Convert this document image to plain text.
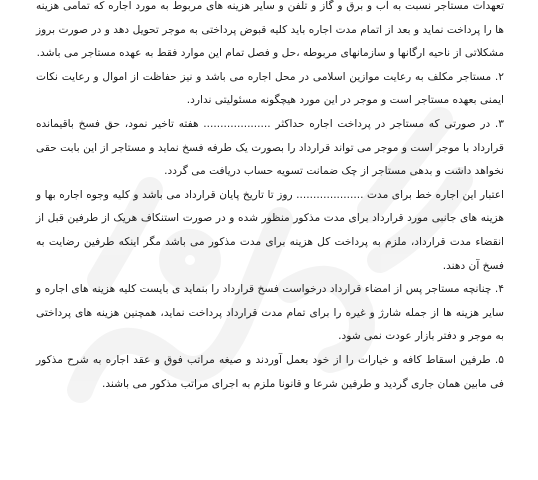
تعهدات مستاجر نسبت به آب و برق و گاز و تلفن و سایر هزینه های مربوط به مورد اجاره که تمامی هزینه ها را پرداخت نماید و بعد از اتمام مدت اجاره باید کلیه قبوض پرداختی به موجر تحویل دهد و در صورت بروز مشکلاتی از ناحیه ارگانها و سازمانهای مربوطه ،حل و فصل تمام این موارد فقط به عهده مستاجر می باشد.

۲. مستاجر مکلف به رعایت موازین اسلامی در محل اجاره می باشد و نیز حفاظت از اموال و رعایت نکات ایمنی بعهده مستاجر است و موجر در این مورد هیچگونه مسئولیتی ندارد.

۳. در صورتی که مستاجر در پرداخت اجاره حداکثر .................... هفته تاخیر نمود، حق فسخ باقیمانده قرارداد با موجر است و موجر می تواند قرارداد را بصورت یک طرفه فسخ نماید و مستاجر از این بابت حقی نخواهد داشت و بدهی مستاجر از چک ضمانت تسویه حساب دریافت می گردد.

اعتبار این اجاره خط برای مدت .................... روز تا تاریخ پایان قرارداد می باشد و کلیه وجوه اجاره بها و هزینه های جانبی مورد قرارداد برای مدت مذکور منظور شده و در صورت استنکاف هریک از طرفین قبل از انقضاء مدت قرارداد، ملزم به پرداخت کل هزینه برای مدت مذکور می باشد مگر اینکه طرفین رضایت به فسخ آن دهند.

۴. چنانچه مستاجر پس از امضاء قرارداد درخواست فسخ قرارداد را بنماید ی بایست کلیه هزینه های اجاره و سایر هزینه ها از جمله شارژ و غیره را برای تمام مدت قرارداد پرداخت نماید، همچنین هزینه های پرداختی به موجر و دفتر بازار عودت نمی شود.

۵. طرفین اسقاط کافه و خیارات را از خود بعمل آوردند و صیغه مراتب فوق و عقد اجاره به شرح مذکور فی مابین همان جاری گردید و طرفین شرعا و قانونا ملزم به اجرای مراتب مذکور می باشند.
